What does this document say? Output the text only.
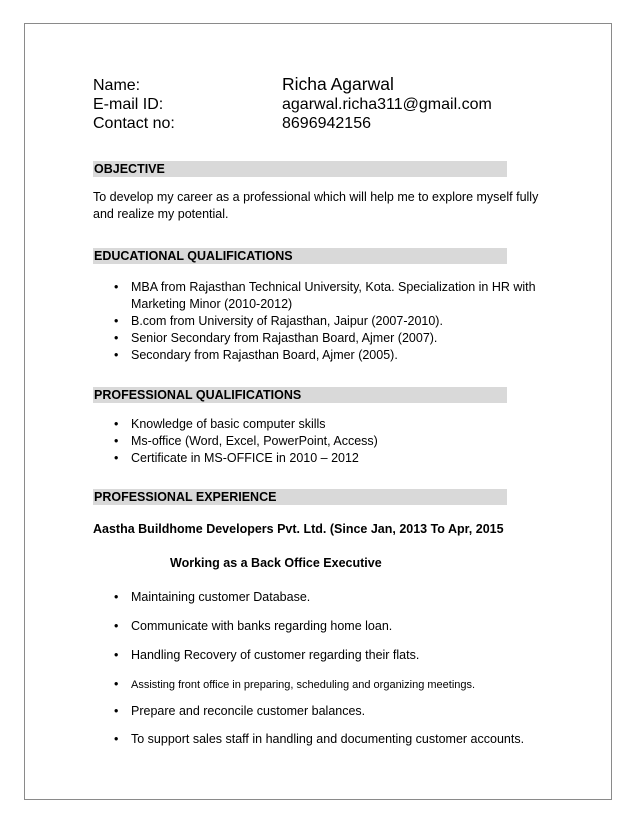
Name:	Richa Agarwal
E-mail ID:	agarwal.richa311@gmail.com
Contact no:	8696942156
OBJECTIVE
To develop my career as a professional which will help me to explore myself fully and realize my potential.
EDUCATIONAL QUALIFICATIONS
• MBA from Rajasthan Technical University, Kota. Specialization in HR with Marketing Minor (2010-2012)
• B.com from University of Rajasthan, Jaipur (2007-2010).
• Senior Secondary from Rajasthan Board, Ajmer (2007).
• Secondary from Rajasthan Board, Ajmer (2005).
PROFESSIONAL QUALIFICATIONS
• Knowledge of basic computer skills
• Ms-office (Word, Excel, PowerPoint, Access)
• Certificate in MS-OFFICE in 2010 – 2012
PROFESSIONAL EXPERIENCE
Aastha Buildhome Developers Pvt. Ltd. (Since Jan, 2013 To Apr, 2015
Working as a Back Office Executive
• Maintaining customer Database.
• Communicate with banks regarding home loan.
• Handling Recovery of customer regarding their flats.
• Assisting front office in preparing, scheduling and organizing meetings.
• Prepare and reconcile customer balances.
• To support sales staff in handling and documenting customer accounts.
